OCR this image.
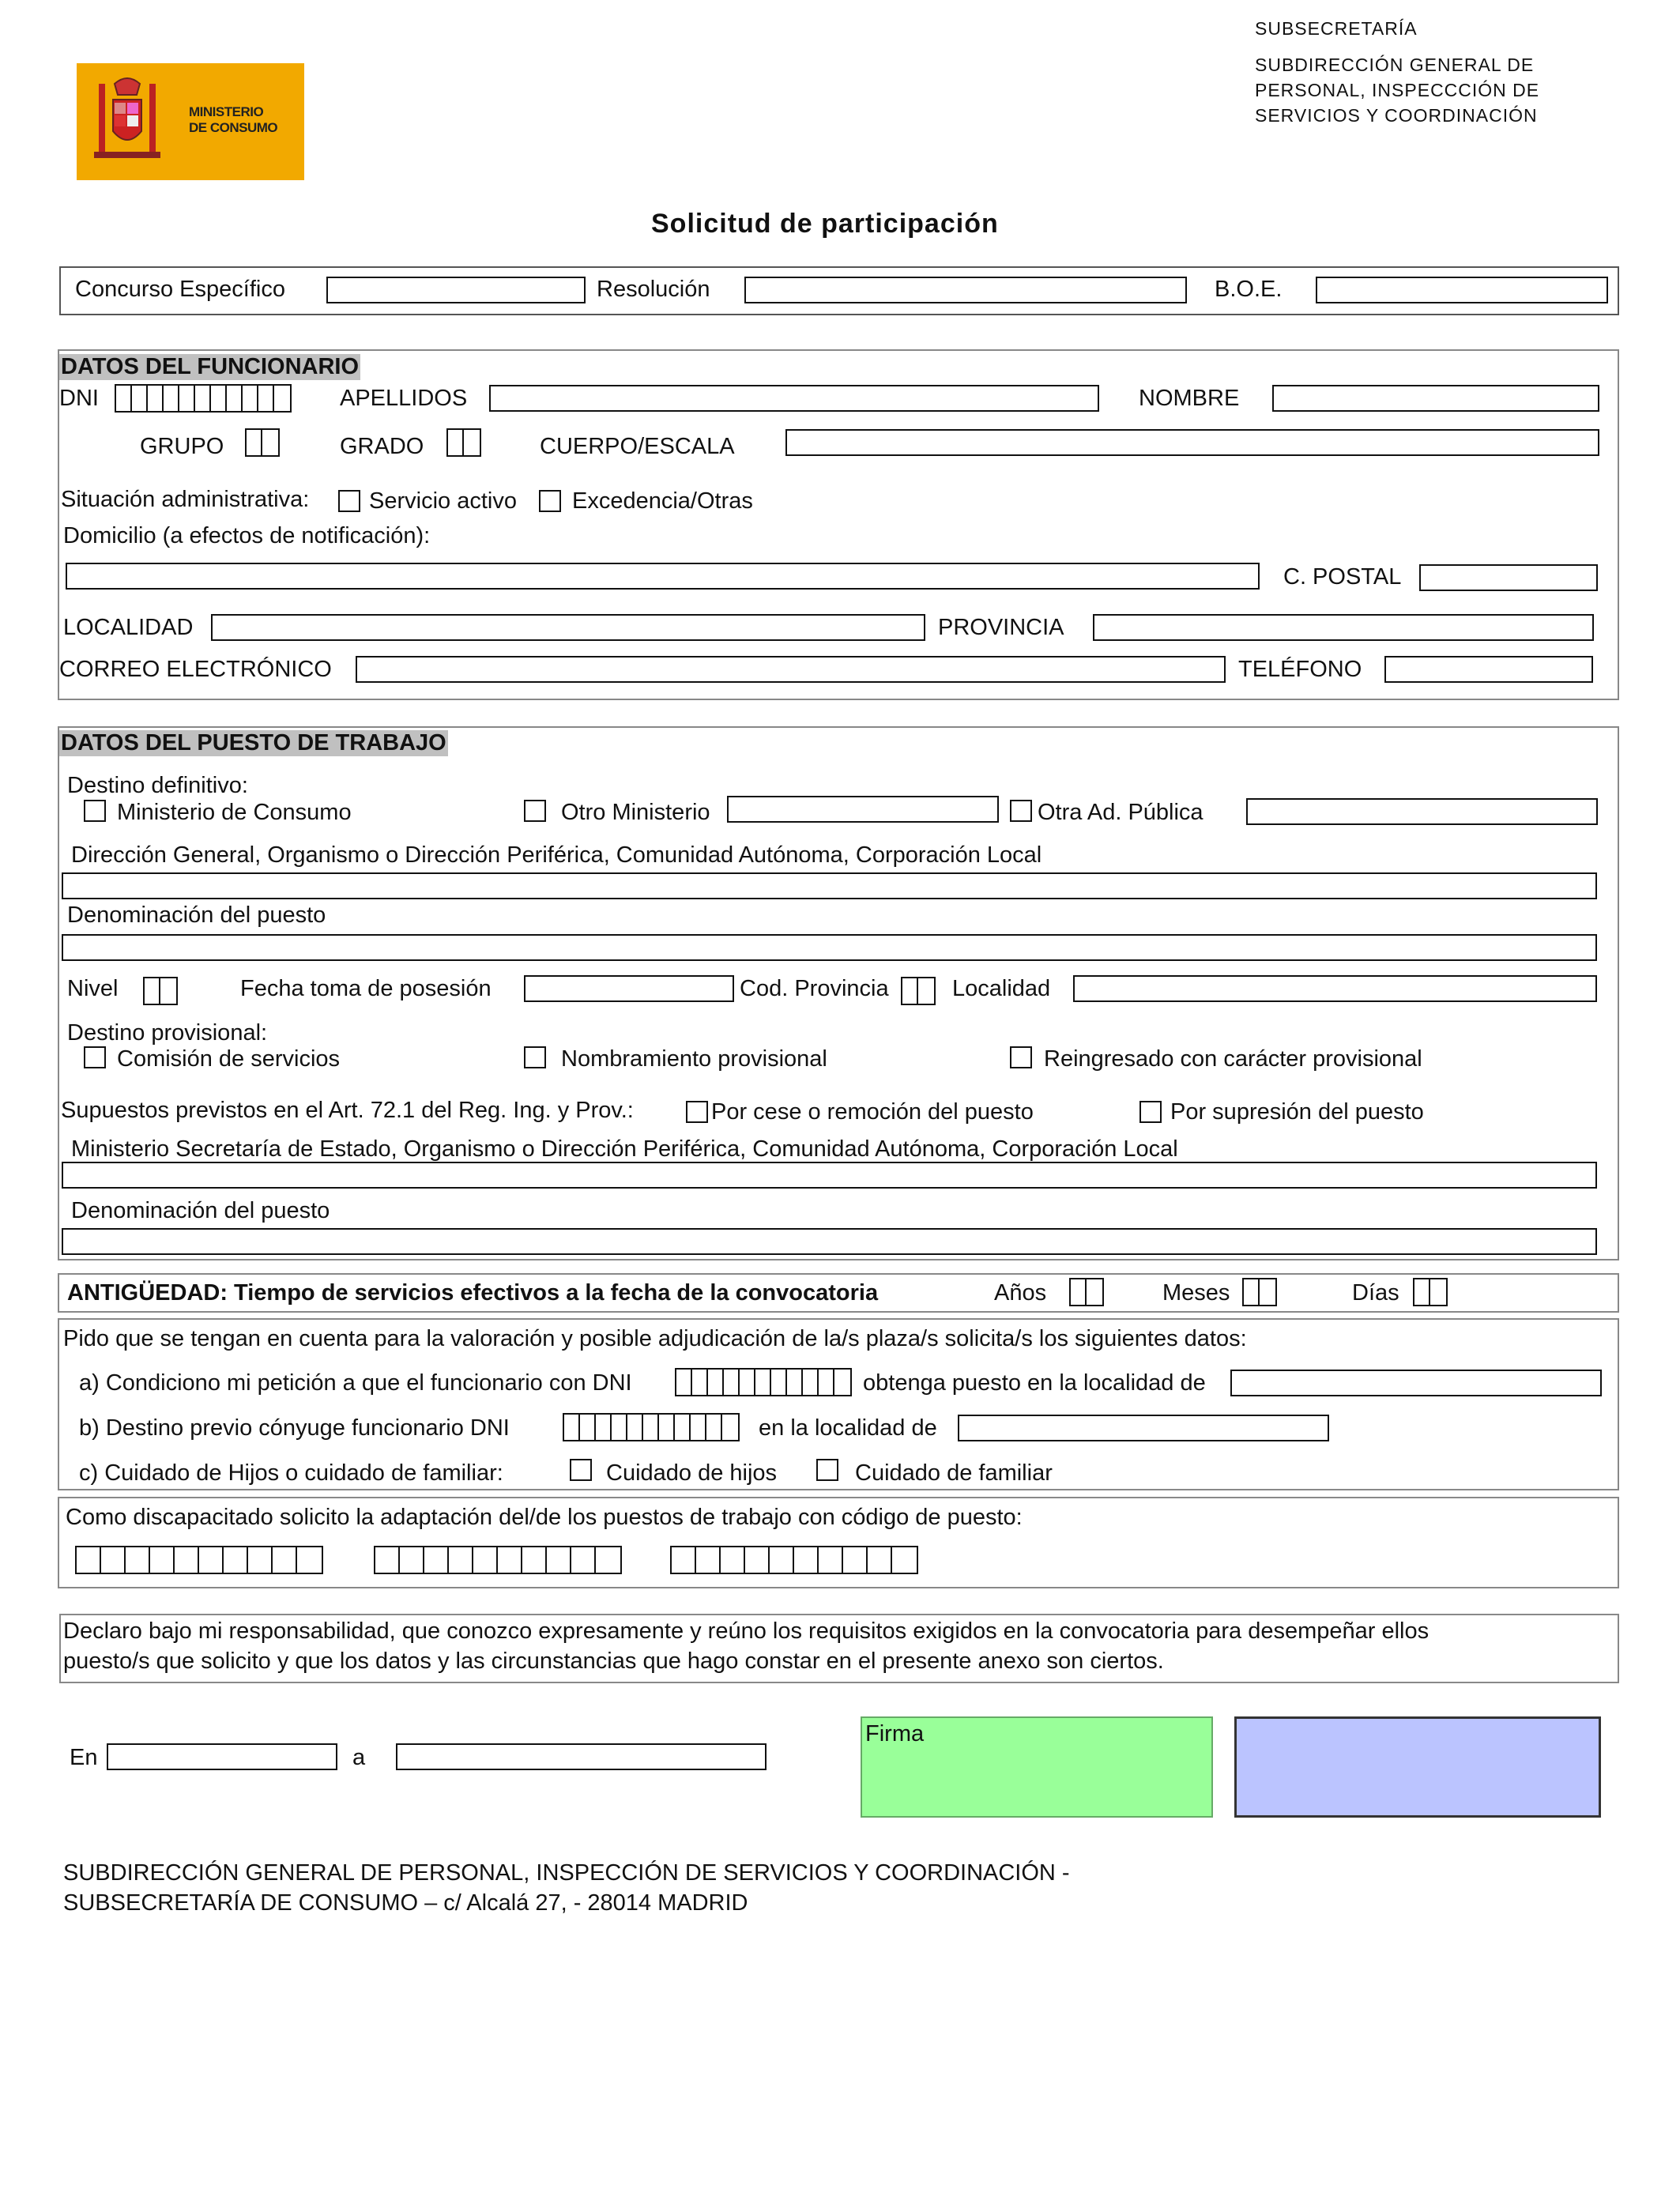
MINISTERIO
DE CONSUMO
SUBSECRETARÍA
SUBDIRECCIÓN GENERAL DE
PERSONAL, INSPECCCIÓN DE
SERVICIOS Y COORDINACIÓN
Solicitud de participación
Concurso Específico	Resolución	B.O.E.
DATOS DEL FUNCIONARIO
DNI	APELLIDOS	NOMBRE
GRUPO	GRADO	CUERPO/ESCALA
Situación administrativa:	Servicio activo Excedencia/Otras
Domicilio (a efectos de notificación):
C. POSTAL
LOCALIDAD	PROVINCIA
CORREO ELECTRÓNICO	TELÉFONO
DATOS DEL PUESTO DE TRABAJO
Destino definitivo:
Ministerio de Consumo	Otro Ministerio	Otra Ad. Pública
Dirección General, Organismo o Dirección Periférica, Comunidad Autónoma, Corporación Local
Denominación del puesto
Nivel	Fecha toma de posesión	Cod. Provincia	Localidad
Destino provisional:
Comisión de servicios	Nombramiento provisional	Reingresado con carácter provisional
Supuestos previstos en el Art. 72.1 del Reg. Ing. y Prov.:	Por cese o remoción del puesto	Por supresión del puesto
Ministerio Secretaría de Estado, Organismo o Dirección Periférica, Comunidad Autónoma, Corporación Local
Denominación del puesto
ANTIGÜEDAD: Tiempo de servicios efectivos a la fecha de la convocatoria	Años	Meses	Días
Pido que se tengan en cuenta para la valoración y posible adjudicación de la/s plaza/s solicita/s los siguientes datos:
a) Condiciono mi petición a que el funcionario con DNI	obtenga puesto en la localidad de
b) Destino previo cónyuge funcionario DNI	en la localidad de
c) Cuidado de Hijos o cuidado de familiar:	Cuidado de hijos	Cuidado de familiar
Como discapacitado solicito la adaptación del/de los puestos de trabajo con código de puesto:
Declaro bajo mi responsabilidad, que conozco expresamente y reúno los requisitos exigidos en la convocatoria para desempeñar ellos
puesto/s que solicito y que los datos y las circunstancias que hago constar en el presente anexo son ciertos.
En	a
Firma
SUBDIRECCIÓN GENERAL DE PERSONAL, INSPECCIÓN DE SERVICIOS Y COORDINACIÓN -
SUBSECRETARÍA DE CONSUMO – c/ Alcalá 27, - 28014 MADRID
